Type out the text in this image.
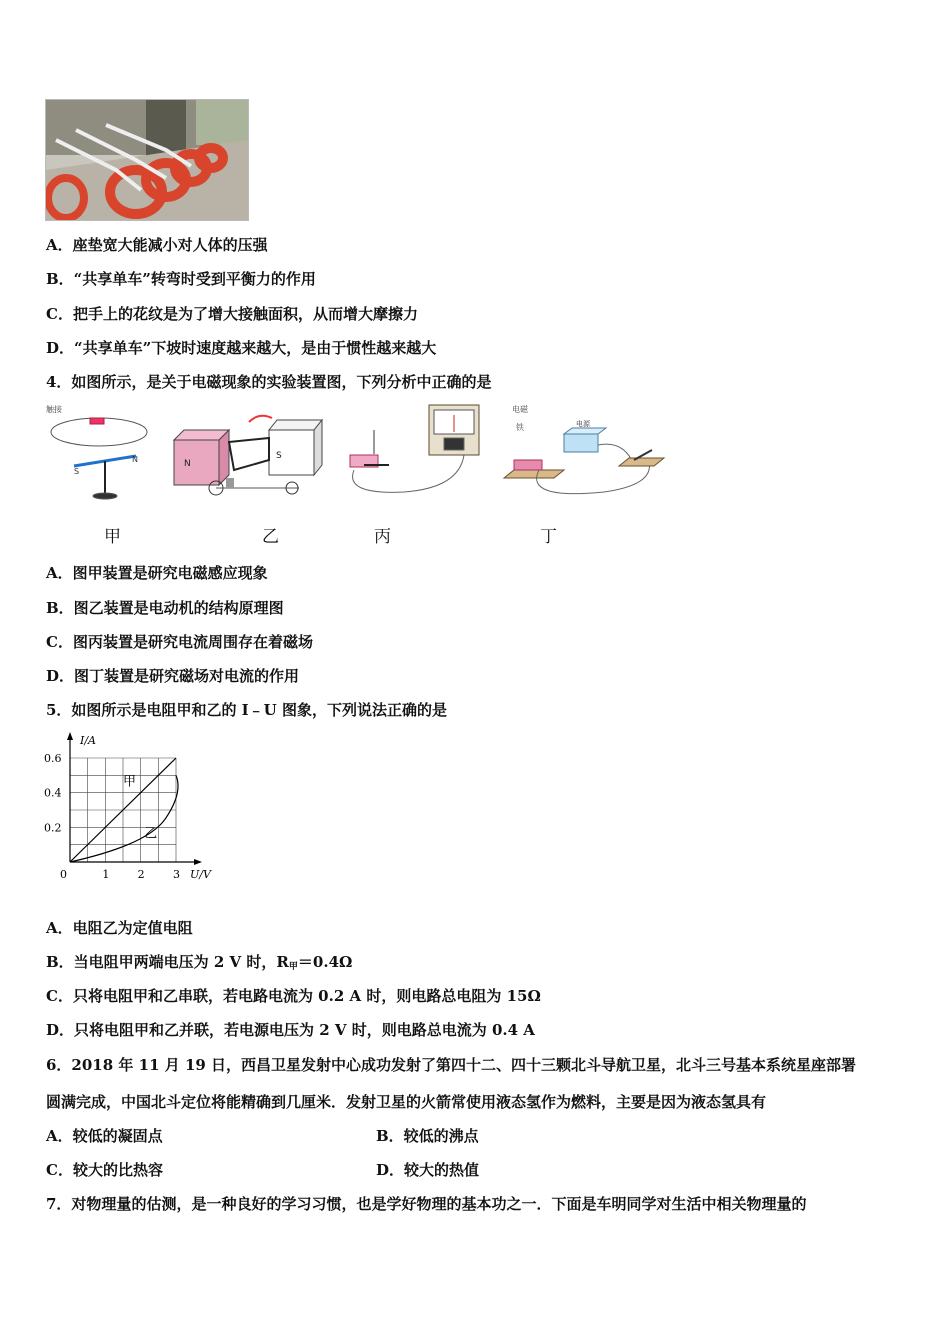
A．座垫宽大能减小对人体的压强
B．“共享单车”转弯时受到平衡力的作用
C．把手上的花纹是为了增大接触面积，从而增大摩擦力
D．“共享单车”下坡时速度越来越大，是由于惯性越来越大
4．如图所示，是关于电磁现象的实验装置图，下列分析中正确的是
触接
S
N	N
S
电磁
铁	电源
甲	乙	丙	丁
A．图甲装置是研究电磁感应现象
B．图乙装置是电动机的结构原理图
C．图丙装置是研究电流周围存在着磁场
D．图丁装置是研究磁场对电流的作用
5．如图所示是电阻甲和乙的 I﹣U 图象，下列说法正确的是
I/A
U/V
0	1	2	3
0.2
0.4
0.6
甲
乙
A．电阻乙为定值电阻
B．当电阻甲两端电压为 2 V 时，$R_甲=0.4\Omega$
C．只将电阻甲和乙串联，若电路电流为 0.2 A 时，则电路总电阻为 15Ω
D．只将电阻甲和乙并联，若电源电压为 2 V 时，则电路总电流为 0.4 A
6．2018 年 11 月 19 日，西昌卫星发射中心成功发射了第四十二、四十三颗北斗导航卫星，北斗三号基本系统星座部署
圆满完成，中国北斗定位将能精确到几厘米．发射卫星的火箭常使用液态氢作为燃料，主要是因为液态氢具有
A．较低的凝固点	B．较低的沸点
C．较大的比热容	D．较大的热值
7．对物理量的估测，是一种良好的学习习惯，也是学好物理的基本功之一．下面是车明同学对生活中相关物理量的
